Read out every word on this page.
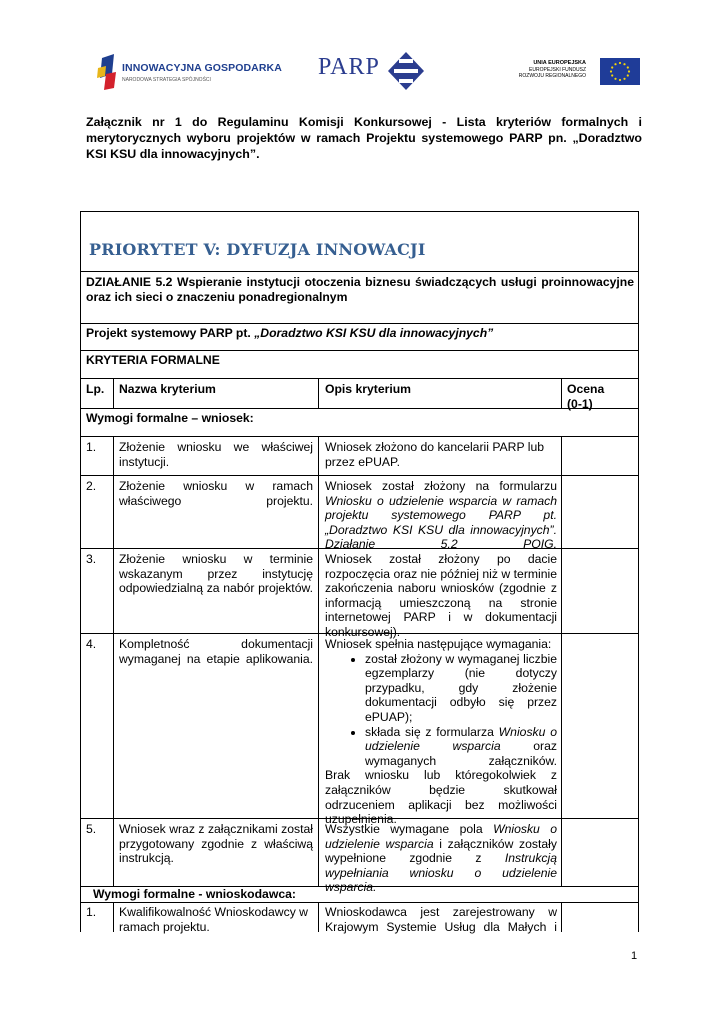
INNOWACYJNA GOSPODARKA
NARODOWA STRATEGIA SPÓJNOŚCI	PARP	UNIA EUROPEJSKA
EUROPEJSKI FUNDUSZ
ROZWOJU REGIONALNEGO
Załącznik nr 1 do Regulaminu Komisji Konkursowej - Lista kryteriów formalnych i merytorycznych wyboru projektów w ramach Projektu systemowego PARP pn. „Doradztwo KSI KSU dla innowacyjnych”.
PRIORYTET V: DYFUZJA INNOWACJI
DZIAŁANIE 5.2 Wspieranie instytucji otoczenia biznesu świadczących usługi proinnowacyjne oraz ich sieci o znaczeniu ponadregionalnym
Projekt systemowy PARP pt. „Doradztwo KSI KSU dla innowacyjnych”
KRYTERIA FORMALNE
Lp.	Nazwa kryterium	Opis kryterium	Ocena
(0-1)
Wymogi formalne – wniosek:
1.	Złożenie wniosku we właściwej instytucji.
Wniosek złożono do kancelarii PARP lub przez ePUAP.
2.	Złożenie wniosku w ramach właściwego projektu.
Wniosek został złożony na formularzu Wniosku o udzielenie wsparcia w ramach projektu systemowego PARP pt. „Doradztwo KSI KSU dla innowacyjnych”. Działanie 5.2 POIG.
3.	Złożenie wniosku w terminie wskazanym przez instytucję odpowiedzialną za nabór projektów.
Wniosek został złożony po dacie rozpoczęcia oraz nie później niż w terminie zakończenia naboru wniosków (zgodnie z informacją umieszczoną na stronie internetowej PARP i w dokumentacji konkursowej).
4.	Kompletność dokumentacji wymaganej na etapie aplikowania.
Wniosek spełnia następujące wymagania:
• został złożony w wymaganej liczbie egzemplarzy (nie dotyczy przypadku, gdy złożenie dokumentacji odbyło się przez ePUAP);
• składa się z formularza Wniosku o udzielenie wsparcia oraz wymaganych załączników.
Brak wniosku lub któregokolwiek z załączników będzie skutkował odrzuceniem aplikacji bez możliwości uzupełnienia.
5.	Wniosek wraz z załącznikami został przygotowany zgodnie z właściwą instrukcją.
Wszystkie wymagane pola Wniosku o udzielenie wsparcia i załączników zostały wypełnione zgodnie z Instrukcją wypełniania wniosku o udzielenie wsparcia.
Wymogi formalne - wnioskodawca:
1.	Kwalifikowalność Wnioskodawcy w ramach projektu.
Wnioskodawca jest zarejestrowany w Krajowym Systemie Usług dla Małych i
1
